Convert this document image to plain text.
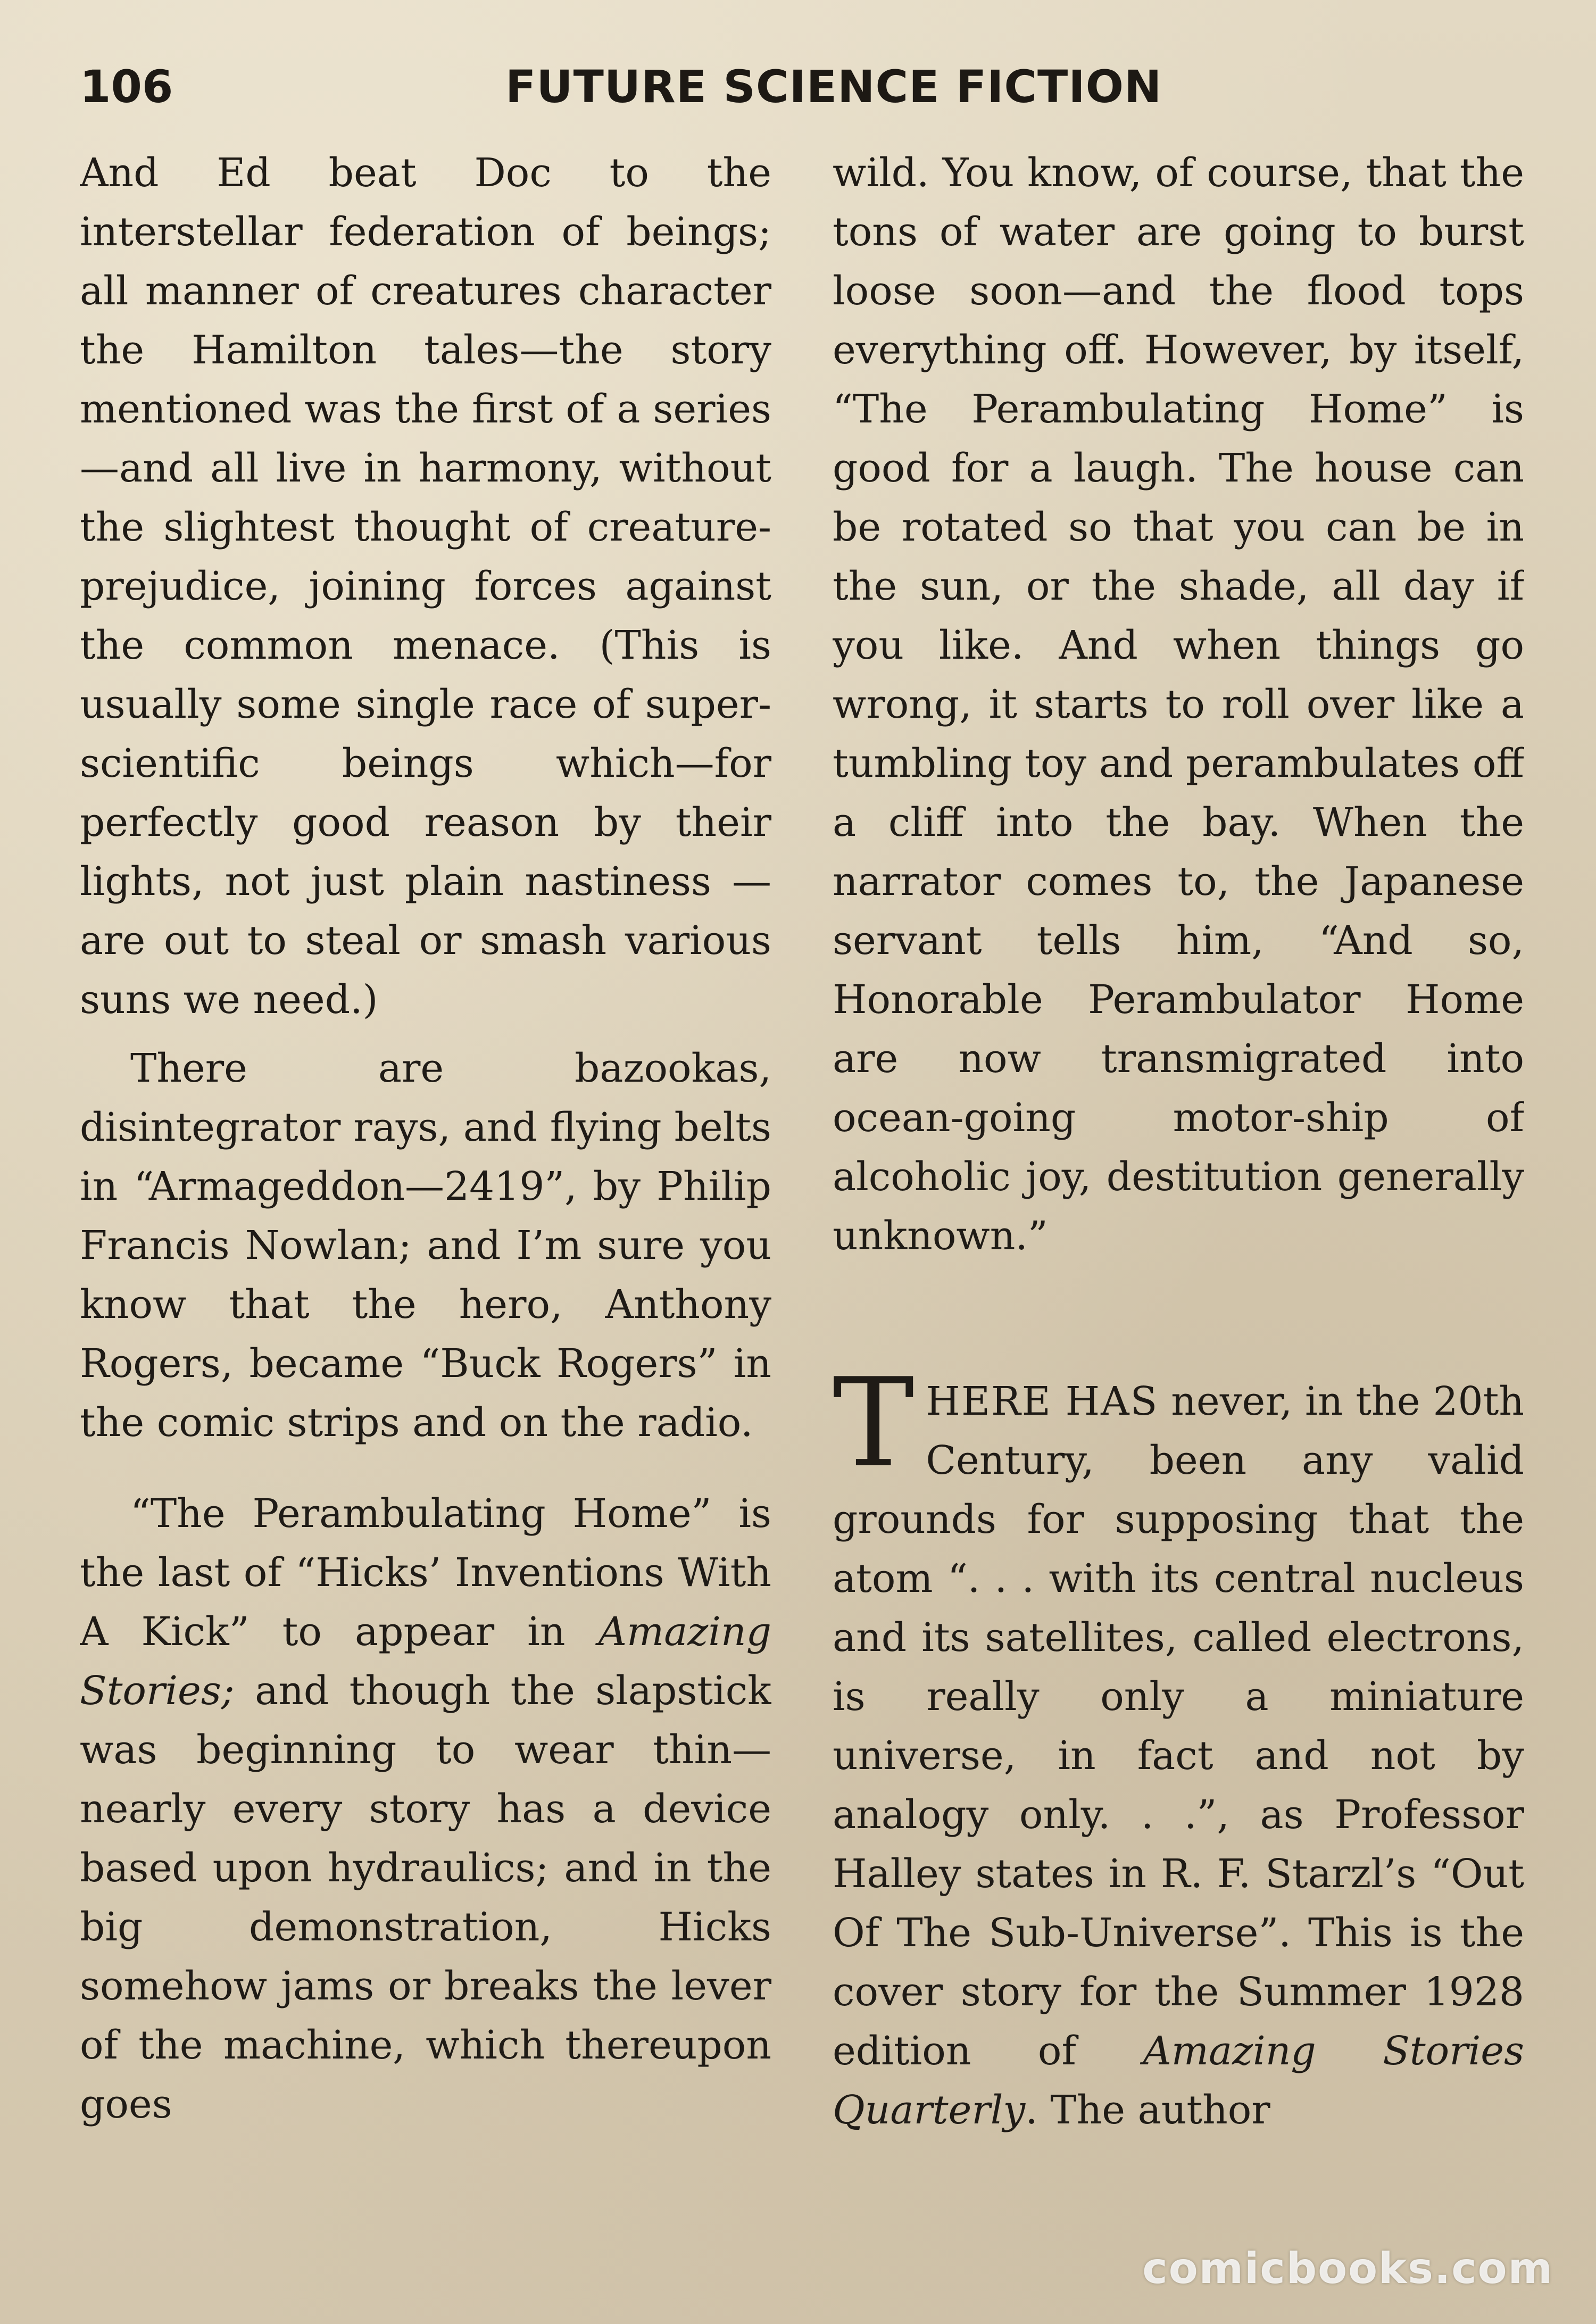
106	FUTURE SCIENCE FICTION

And Ed beat Doc to the interstellar federation of beings; all manner of creatures character the Hamilton tales—the story mentioned was the first of a series—and all live in harmony, without the slightest thought of creature-prejudice, joining forces against the common menace. (This is usually some single race of super-scientific beings which—for perfectly good reason by their lights, not just plain nastiness —are out to steal or smash various suns we need.)

There are bazookas, disintegrator rays, and flying belts in “Armageddon—2419”, by Philip Francis Nowlan; and I’m sure you know that the hero, Anthony Rogers, became “Buck Rogers” in the comic strips and on the radio.

“The Perambulating Home” is the last of “Hicks’ Inventions With A Kick” to appear in Amazing Stories; and though the slapstick was beginning to wear thin—nearly every story has a device based upon hydraulics; and in the big demonstration, Hicks somehow jams or breaks the lever of the machine, which thereupon goes

wild. You know, of course, that the tons of water are going to burst loose soon—and the flood tops everything off. However, by itself, “The Perambulating Home” is good for a laugh. The house can be rotated so that you can be in the sun, or the shade, all day if you like. And when things go wrong, it starts to roll over like a tumbling toy and perambulates off a cliff into the bay. When the narrator comes to, the Japanese servant tells him, “And so, Honorable Perambulator Home are now transmigrated into ocean-going motor-ship of alcoholic joy, destitution generally unknown.”

THERE HAS never, in the 20th Century, been any valid grounds for supposing that the atom “. . . with its central nucleus and its satellites, called electrons, is really only a miniature universe, in fact and not by analogy only. . .”, as Professor Halley states in R. F. Starzl’s “Out Of The Sub-Universe”. This is the cover story for the Summer 1928 edition of Amazing Stories Quarterly. The author

comicbooks.com
